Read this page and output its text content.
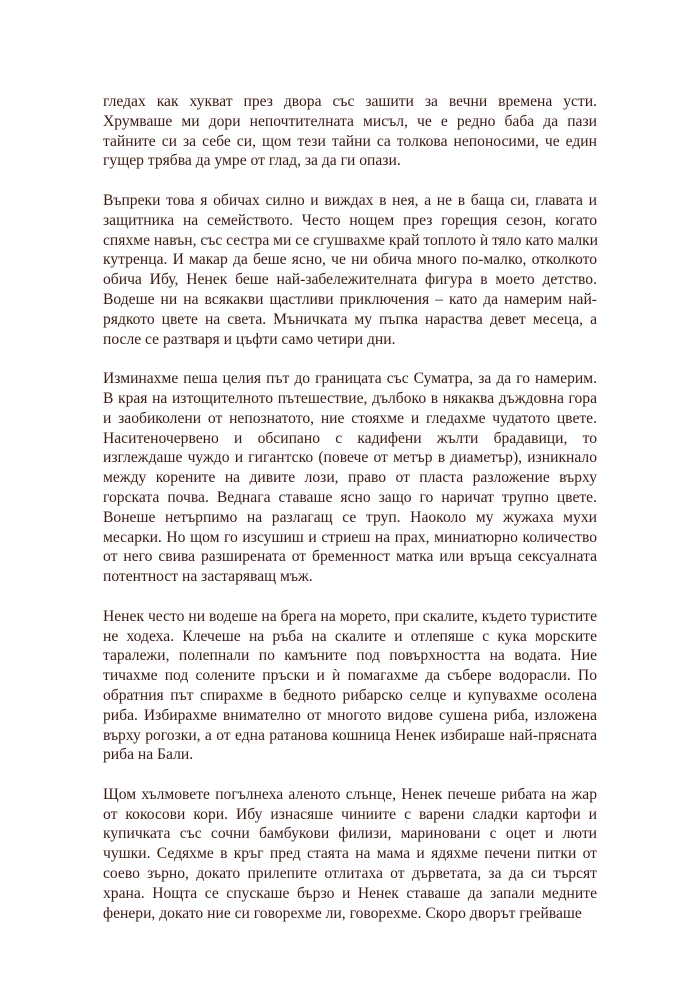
гледах как хукват през двора със зашити за вечни времена усти.
Хрумваше ми дори непочтителната мисъл, че е редно баба да пази
тайните си за себе си, щом тези тайни са толкова непоносими, че един
гущер трябва да умре от глад, за да ги опази.
Въпреки това я обичах силно и виждах в нея, а не в баща си, главата и
защитника на семейството. Често нощем през горещия сезон, когато
спяхме навън, със сестра ми се сгушвахме край топлото ѝ тяло като малки
кутренца. И макар да беше ясно, че ни обича много по-малко, отколкото
обича Ибу, Ненек беше най-забележителната фигура в моето детство.
Водеше ни на всякакви щастливи приключения – като да намерим най-
рядкото цвете на света. Мъничката му пъпка нараства девет месеца, а
после се разтваря и цъфти само четири дни.
Изминахме пеша целия път до границата със Суматра, за да го намерим.
В края на изтощителното пътешествие, дълбоко в някаква дъждовна гора
и заобиколени от непознатото, ние стояхме и гледахме чудатото цвете.
Наситеночервено и обсипано с кадифени жълти брадавици, то
изглеждаше чуждо и гигантско (повече от метър в диаметър), изникнало
между корените на дивите лози, право от пласта разложение върху
горската почва. Веднага ставаше ясно защо го наричат трупно цвете.
Вонеше нетърпимо на разлагащ се труп. Наоколо му жужаха мухи
месарки. Но щом го изсушиш и стриеш на прах, миниатюрно количество
от него свива разширената от бременност матка или връща сексуалната
потентност на застаряващ мъж.
Ненек често ни водеше на брега на морето, при скалите, където туристите
не ходеха. Клечеше на ръба на скалите и отлепяше с кука морските
таралежи, полепнали по камъните под повърхността на водата. Ние
тичахме под солените пръски и ѝ помагахме да събере водорасли. По
обратния път спирахме в бедното рибарско селце и купувахме осолена
риба. Избирахме внимателно от многото видове сушена риба, изложена
върху рогозки, а от една ратанова кошница Ненек избираше най-прясната
риба на Бали.
Щом хълмовете погълнеха аленото слънце, Ненек печеше рибата на жар
от кокосови кори. Ибу изнасяше чиниите с варени сладки картофи и
купичката със сочни бамбукови филизи, мариновани с оцет и люти
чушки. Седяхме в кръг пред стаята на мама и ядяхме печени питки от
соево зърно, докато прилепите отлитаха от дърветата, за да си търсят
храна. Нощта се спускаше бързо и Ненек ставаше да запали медните
фенери, докато ние си говорехме ли, говорехме. Скоро дворът грейваше
